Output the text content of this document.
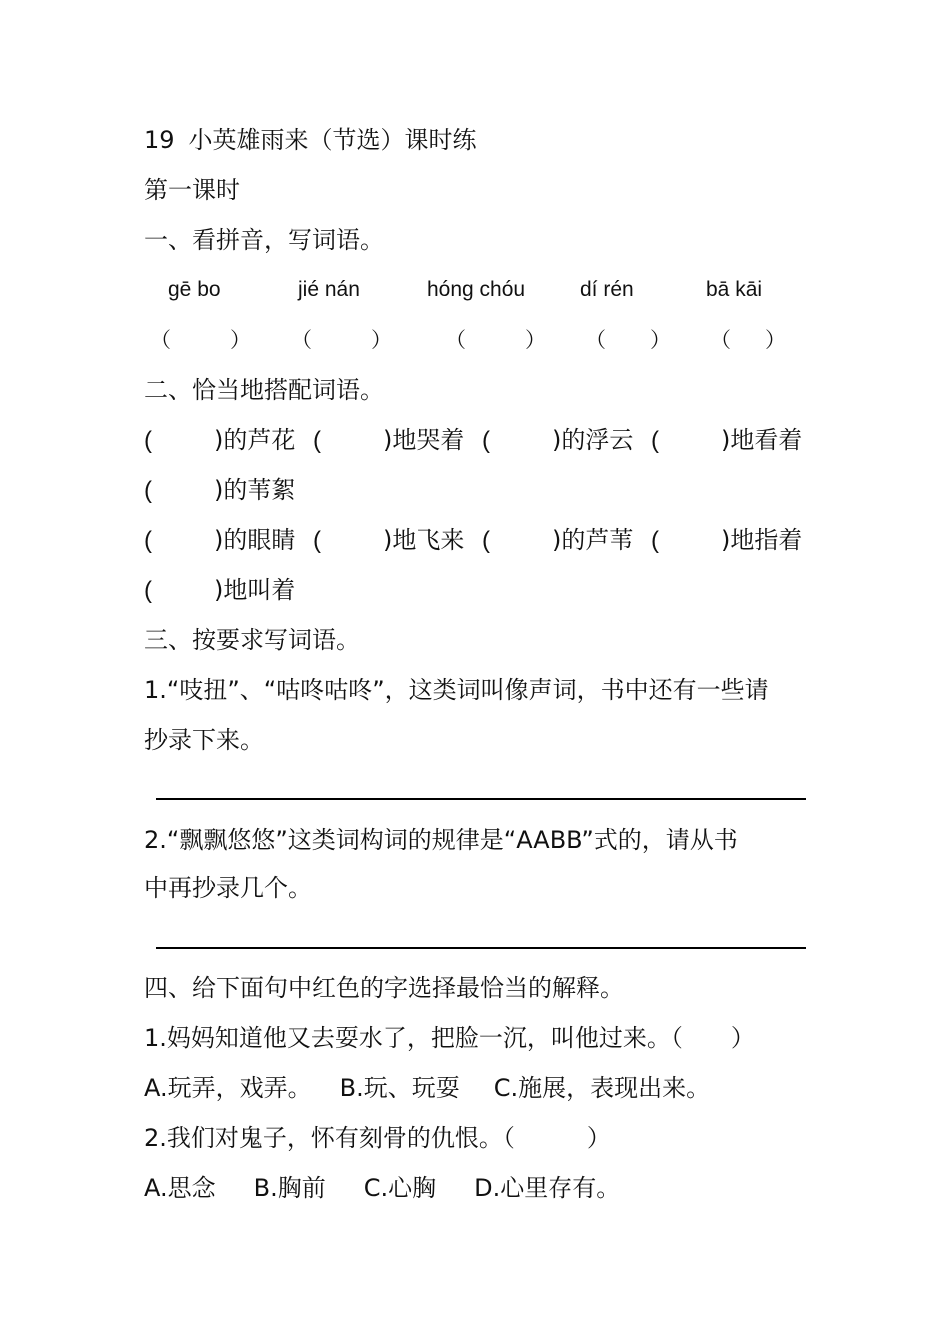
19 小英雄雨来（节选）课时练
第一课时
一、看拼音，写词语。
gē bo	jié nán	hóng chóu	dí rén	bā kāi
（	） （	）	（	） （ ） （ ）
二、恰当地搭配词语。
(	)的芦花 (	)地哭着 (	)的浮云 (	)地看着
(	)的苇絮
(	)的眼睛 (	)地飞来 (	)的芦苇 (	)地指着
(	)地叫着
三、按要求写词语。
1.“吱扭”、“咕咚咕咚”，这类词叫像声词，书中还有一些请
抄录下来。
2.“飘飘悠悠”这类词构词的规律是“AABB”式的，请从书
中再抄录几个。
四、给下面句中红色的字选择最恰当的解释。
1.妈妈知道他又去耍水了，把脸一沉，叫他过来。（　　）
A.玩弄，戏弄。 B.玩、玩耍 C.施展，表现出来。
2.我们对鬼子，怀有刻骨的仇恨。（　　　）
A.思念 B.胸前 C.心胸 D.心里存有。
